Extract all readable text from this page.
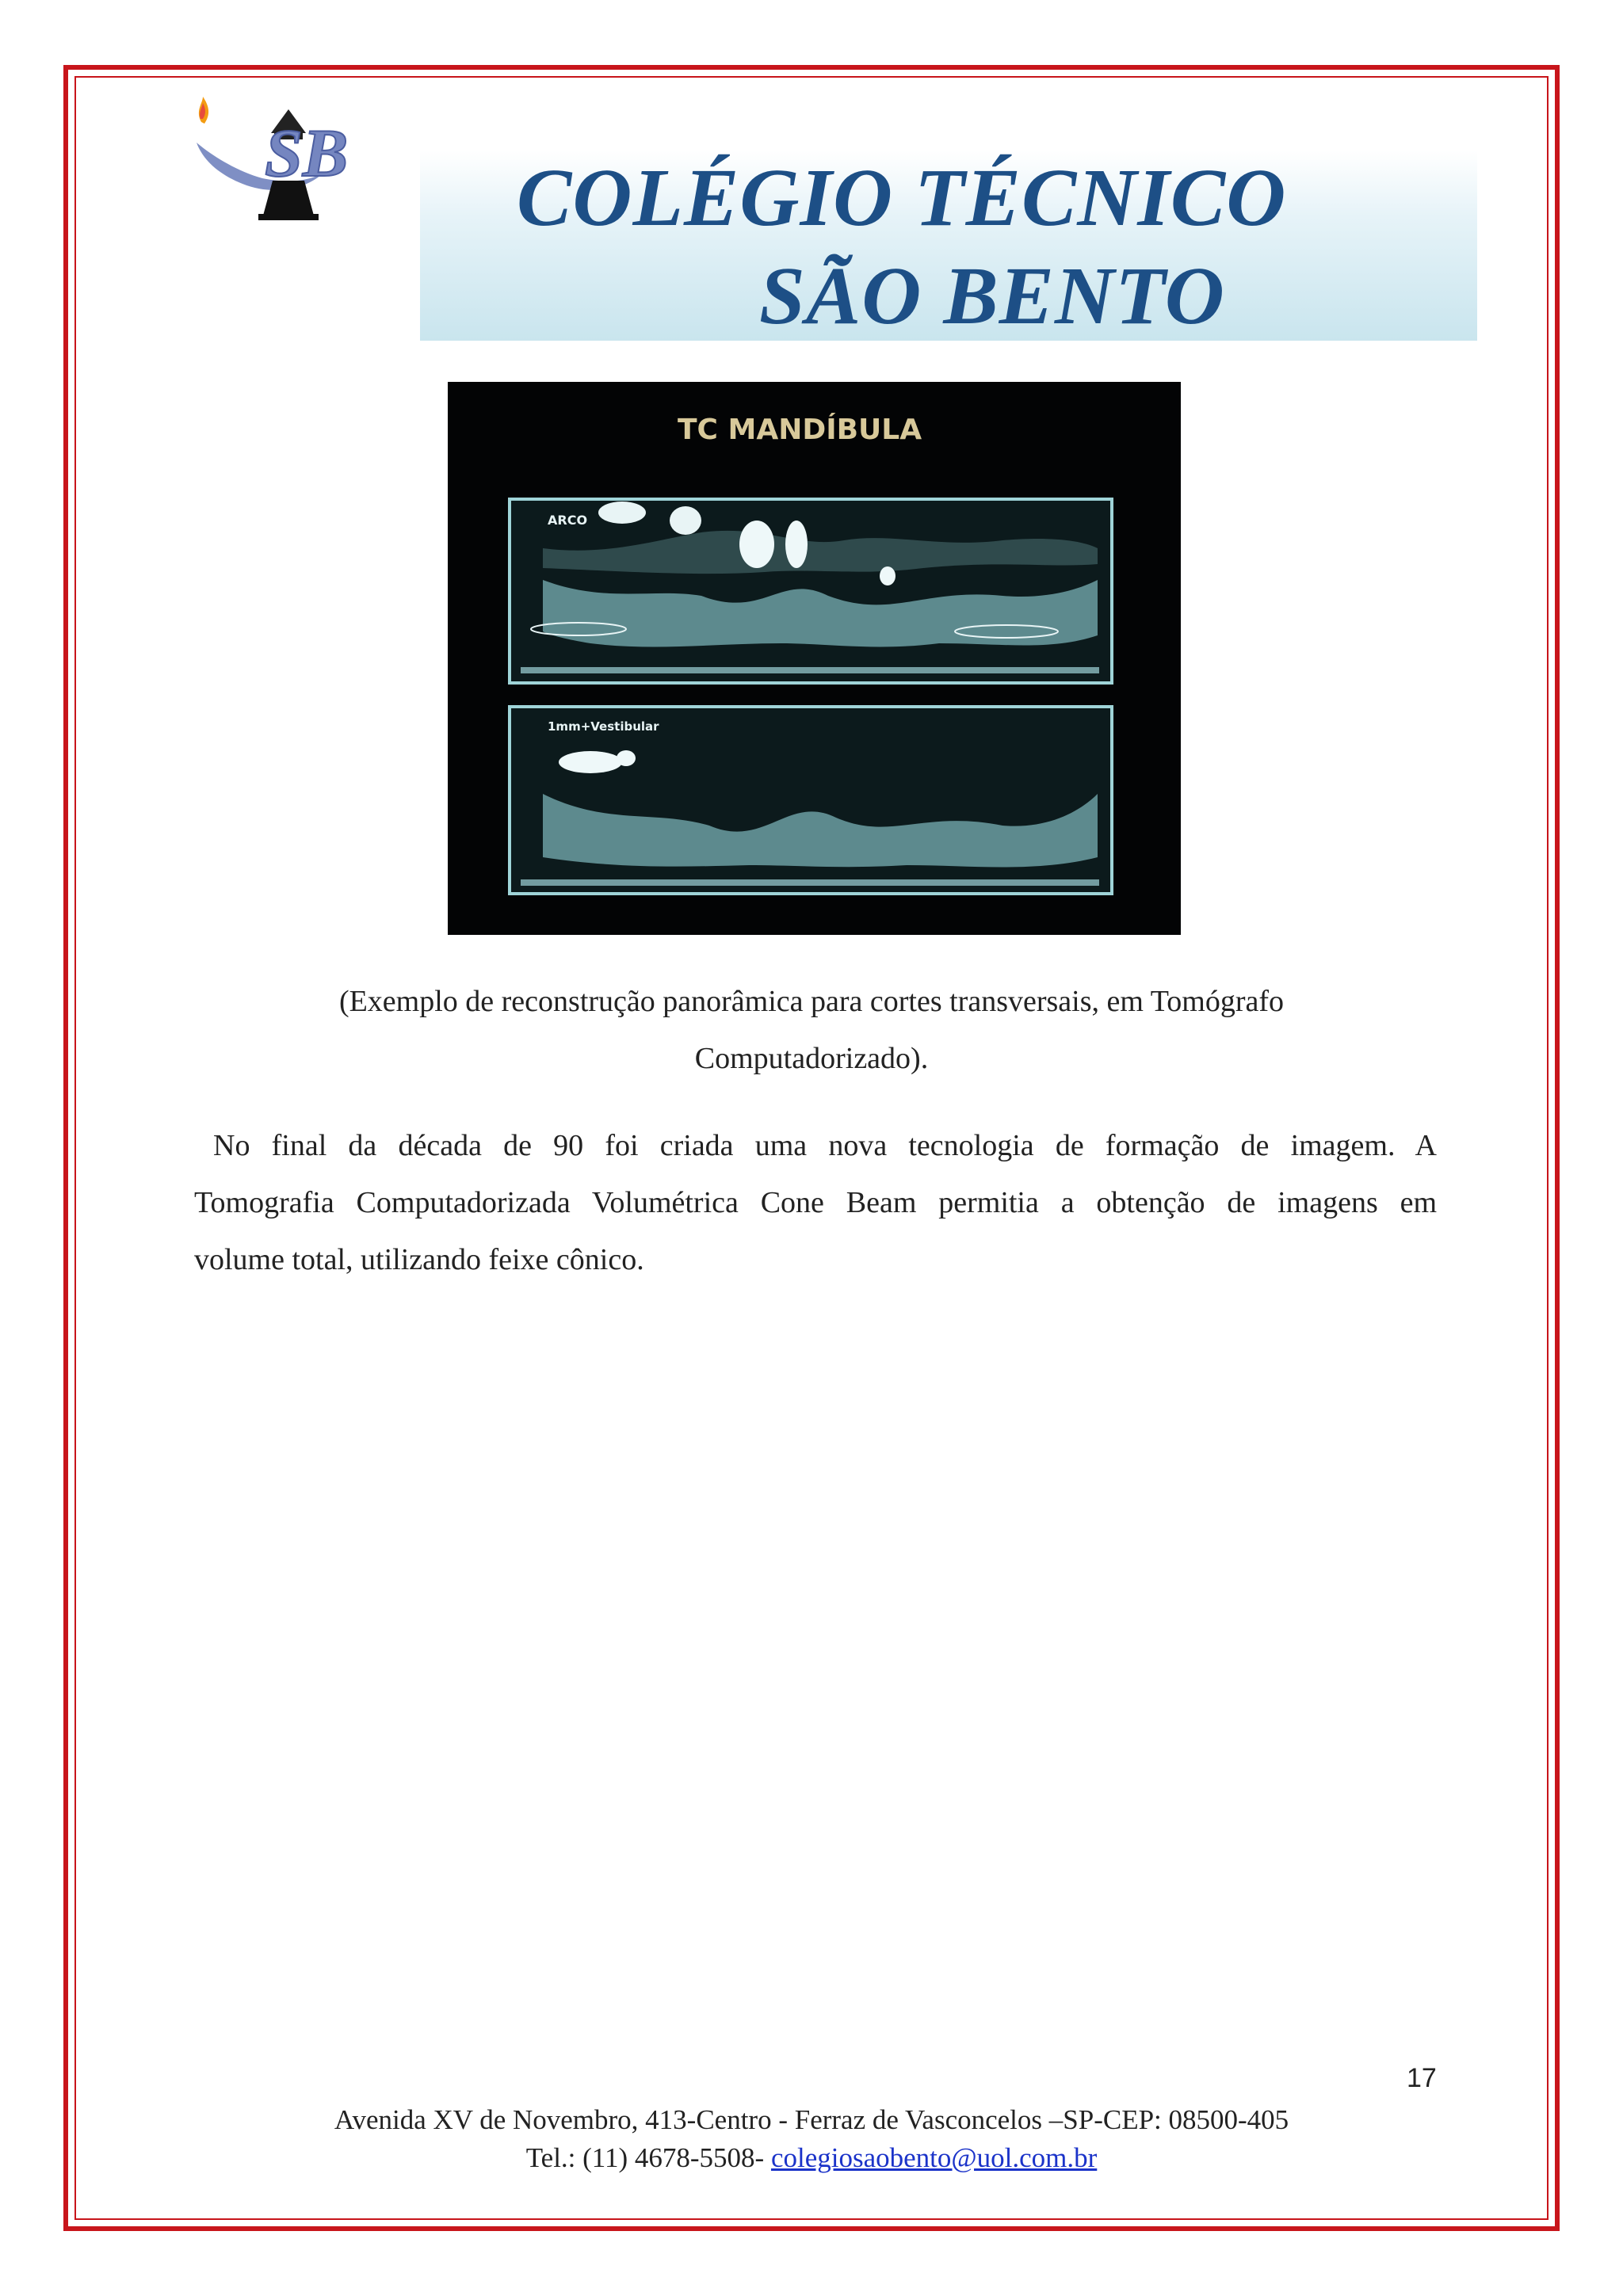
SB COLÉGIO TÉCNICO
SÃO BENTO
TC MANDÍBULA
ARCO
1mm+Vestibular
(Exemplo de reconstrução panorâmica para cortes transversais, em Tomógrafo
Computadorizado).
No final da década de 90 foi criada uma nova tecnologia de formação de imagem. A
Tomografia Computadorizada Volumétrica Cone Beam permitia a obtenção de imagens em
volume total, utilizando feixe cônico.
17
Avenida XV de Novembro, 413-Centro - Ferraz de Vasconcelos –SP-CEP: 08500-405
Tel.: (11) 4678-5508- colegiosaobento@uol.com.br
